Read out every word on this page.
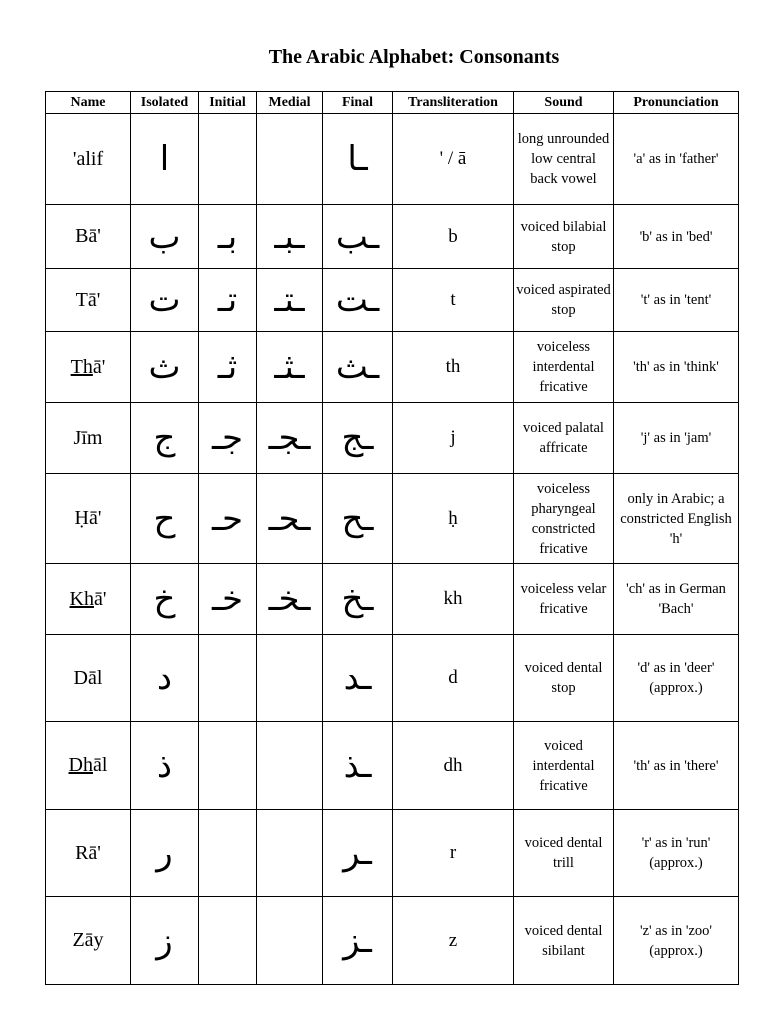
The Arabic Alphabet: Consonants
Name	Isolated	Initial	Medial	Final	Transliteration	Sound	Pronunciation
'alif	ا			ـا	' / ā	long unrounded low central back vowel	'a' as in 'father'
Bā'	ب	بـ	ـبـ	ـب	b	voiced bilabial stop	'b' as in 'bed'
Tā'	ت	تـ	ـتـ	ـت	t	voiced aspirated stop	't' as in 'tent'
Thā'	ث	ثـ	ـثـ	ـث	th	voiceless interdental fricative	'th' as in 'think'
Jīm	ج	جـ	ـجـ	ـج	j	voiced palatal affricate	'j' as in 'jam'
Ḥā'	ح	حـ	ـحـ	ـح	ḥ	voiceless pharyngeal constricted fricative	only in Arabic; a constricted English 'h'
Khā'	خ	خـ	ـخـ	ـخ	kh	voiceless velar fricative	'ch' as in German 'Bach'
Dāl	د			ـد	d	voiced dental stop	'd' as in 'deer' (approx.)
Dhāl	ذ			ـذ	dh	voiced interdental fricative	'th' as in 'there'
Rā'	ر			ـر	r	voiced dental trill	'r' as in 'run' (approx.)
Zāy	ز			ـز	z	voiced dental sibilant	'z' as in 'zoo' (approx.)
